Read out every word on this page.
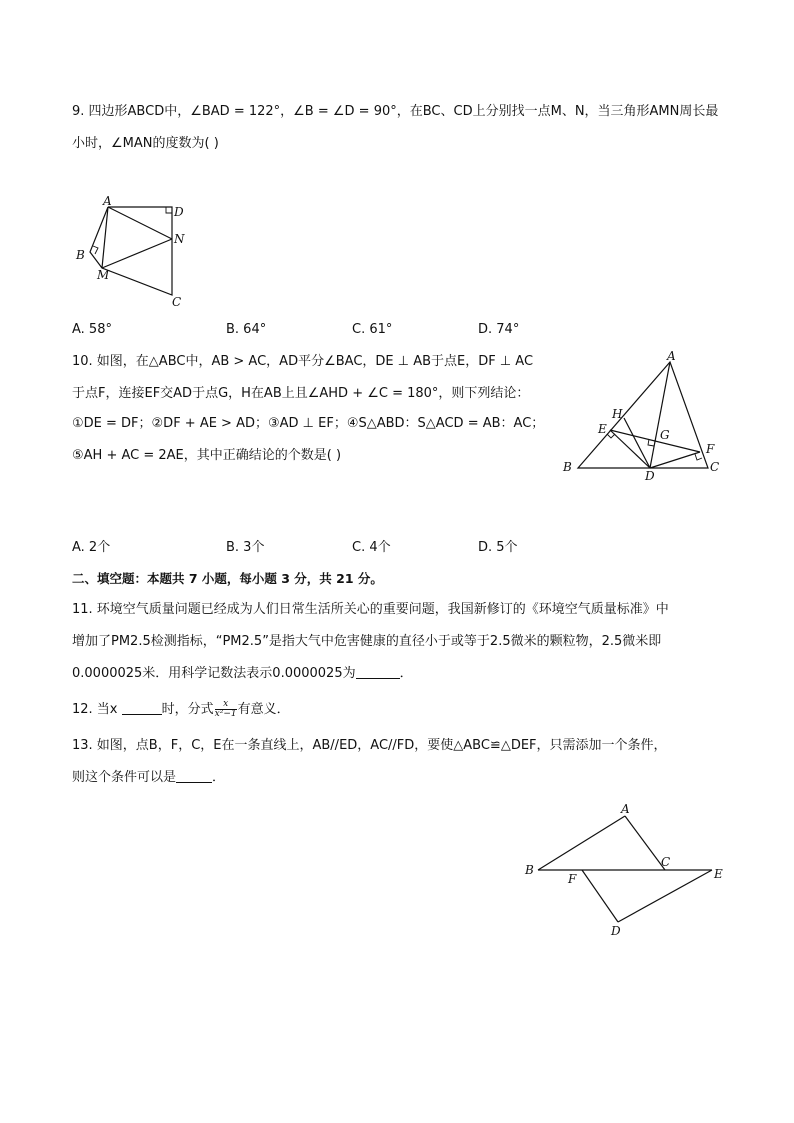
9. 四边形ABCD中，∠BAD = 122°，∠B = ∠D = 90°，在BC、CD上分别找一点M、N，当三角形AMN周长最
小时，∠MAN的度数为( )
A
D
N
C
B
M
A. 58°	B. 64°	C. 61°	D. 74°
10. 如图，在△ABC中，AB > AC，AD平分∠BAC，DE ⊥ AB于点E，DF ⊥ AC
于点F，连接EF交AD于点G，H在AB上且∠AHD + ∠C = 180°，则下列结论：
①DE = DF；②DF + AE > AD；③AD ⊥ EF；④S△ABD：S△ACD = AB：AC；
⑤AH + AC = 2AE，其中正确结论的个数是( )
A
B	C
D
E
F
G
H
A. 2个	B. 3个	C. 4个	D. 5个
二、填空题：本题共 7 小题，每小题 3 分，共 21 分。
11. 环境空气质量问题已经成为人们日常生活所关心的重要问题，我国新修订的《环境空气质量标准》中
增加了PM2.5检测指标，“PM2.5”是指大气中危害健康的直径小于或等于2.5微米的颗粒物，2.5微米即
0.0000025米．用科学记数法表示0.0000025为	．
12. 当x	时，分式 $\frac{x}{\text{x²−1}}$ 有意义．
13. 如图，点B，F，C，E在一条直线上，AB//ED，AC//FD，要使△ABC≌△DEF，只需添加一个条件，
则这个条件可以是	．
A
B
C
E
F
D
